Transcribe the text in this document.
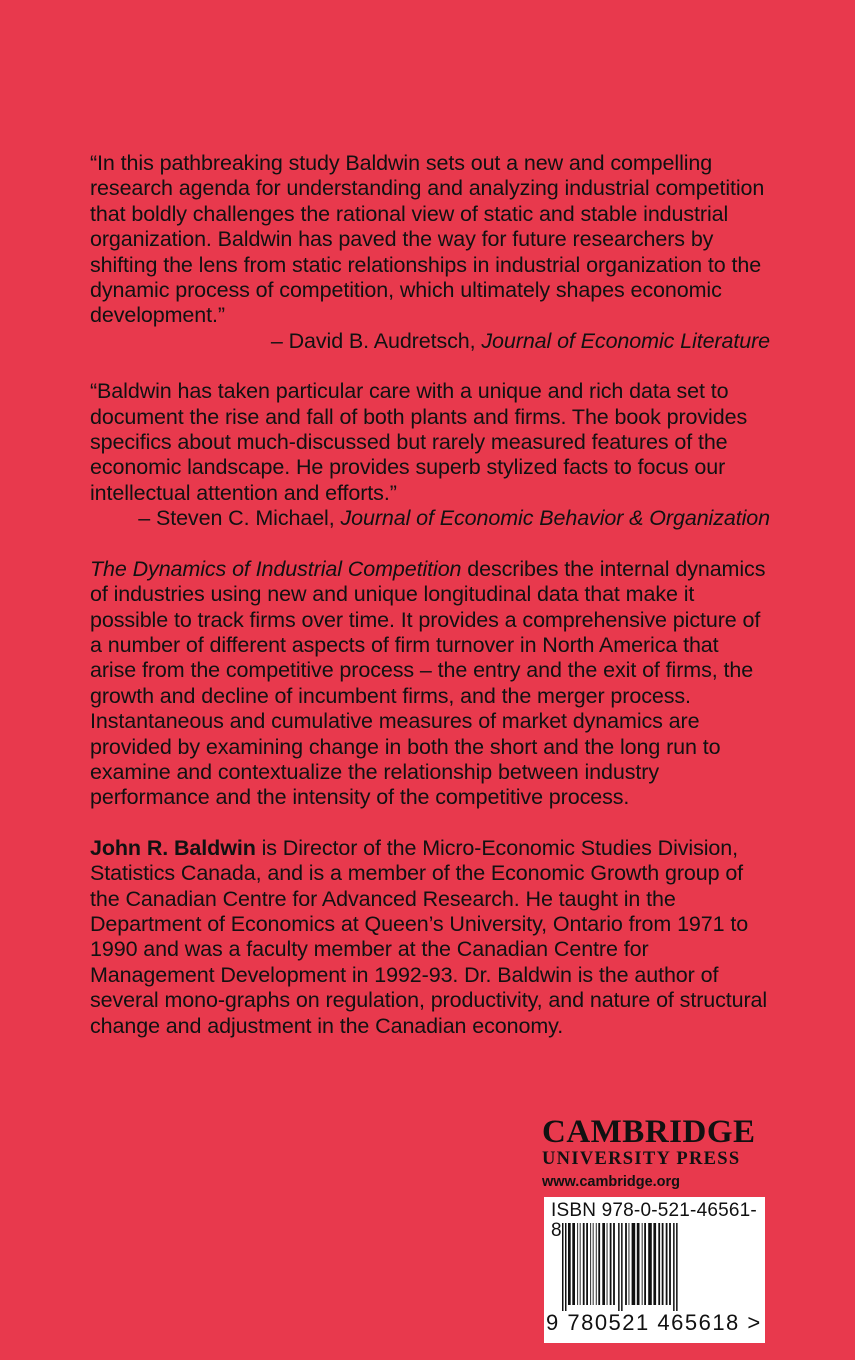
“In this pathbreaking study Baldwin sets out a new and compelling research agenda for understanding and analyzing industrial competition that boldly challenges the rational view of static and stable industrial organization. Baldwin has paved the way for future researchers by shifting the lens from static relationships in industrial organization to the dynamic process of competition, which ultimately shapes economic development.”

– David B. Audretsch, Journal of Economic Literature

“Baldwin has taken particular care with a unique and rich data set to document the rise and fall of both plants and firms. The book provides specifics about much-discussed but rarely measured features of the economic landscape. He provides superb stylized facts to focus our intellectual attention and efforts.”

– Steven C. Michael, Journal of Economic Behavior & Organization

The Dynamics of Industrial Competition describes the internal dynamics of industries using new and unique longitudinal data that make it possible to track firms over time. It provides a comprehensive picture of a number of different aspects of firm turnover in North America that arise from the competitive process – the entry and the exit of firms, the growth and decline of incumbent firms, and the merger process. Instantaneous and cumulative measures of market dynamics are provided by examining change in both the short and the long run to examine and contextualize the relationship between industry performance and the intensity of the competitive process.

John R. Baldwin is Director of the Micro-Economic Studies Division, Statistics Canada, and is a member of the Economic Growth group of the Canadian Centre for Advanced Research. He taught in the Department of Economics at Queen’s University, Ontario from 1971 to 1990 and was a faculty member at the Canadian Centre for Management Development in 1992-93. Dr. Baldwin is the author of several mono-graphs on regulation, productivity, and nature of structural change and adjustment in the Canadian economy.

CAMBRIDGE
UNIVERSITY PRESS
www.cambridge.org
ISBN 978-0-521-46561-8
9 780521 465618 >
